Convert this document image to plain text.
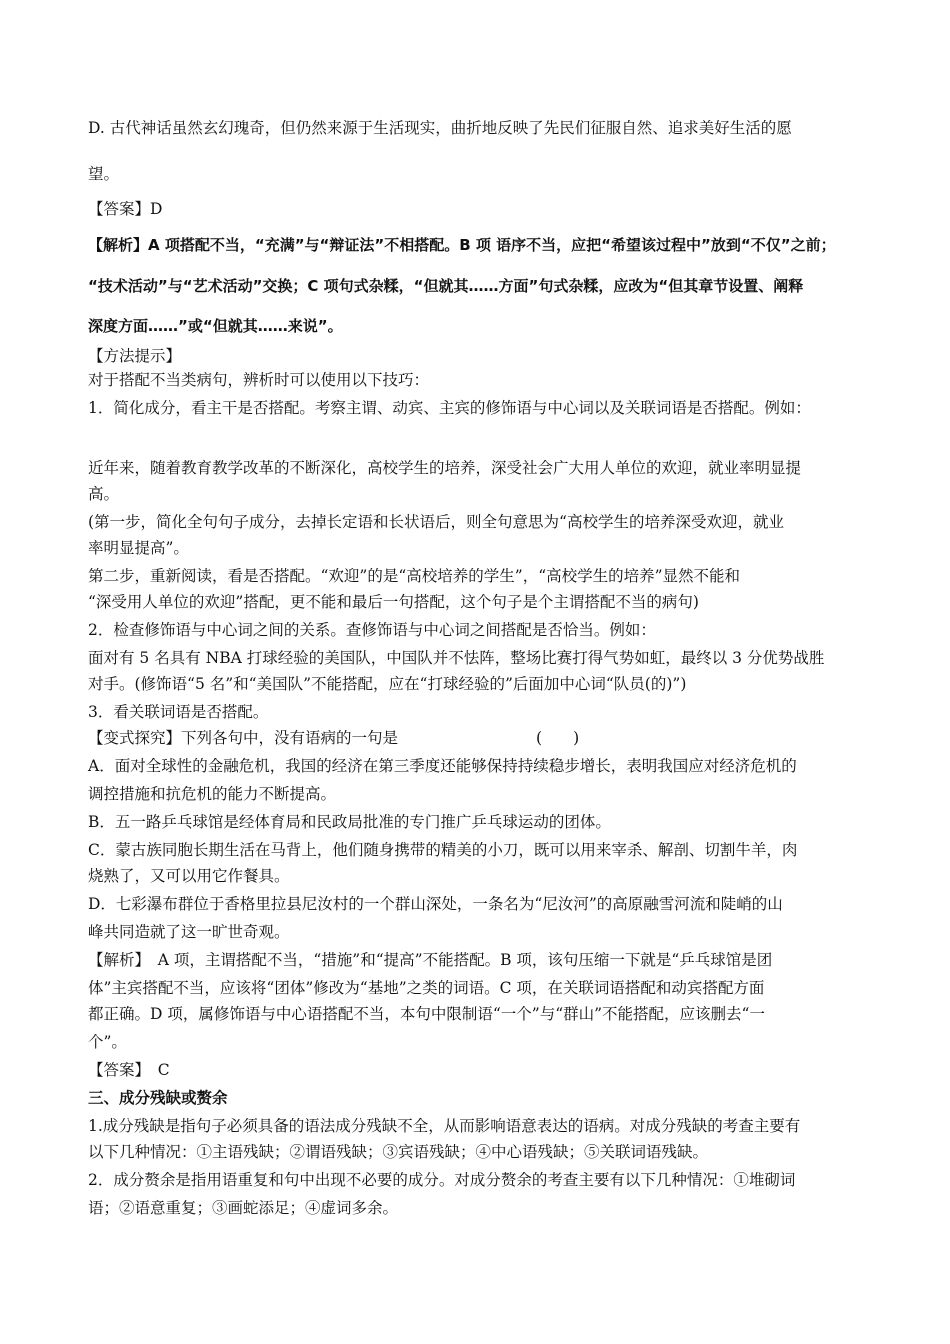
D. 古代神话虽然玄幻瑰奇，但仍然来源于生活现实，曲折地反映了先民们征服自然、追求美好生活的愿
望。
【答案】D
【解析】A 项搭配不当，“充满”与“辩证法”不相搭配。B 项 语序不当，应把“希望该过程中”放到“不仅”之前；
“技术活动”与“艺术活动”交换；C 项句式杂糅，“但就其……方面”句式杂糅，应改为“但其章节设置、阐释
深度方面……”或“但就其……来说”。
【方法提示】
对于搭配不当类病句，辨析时可以使用以下技巧：
1．简化成分，看主干是否搭配。考察主谓、动宾、主宾的修饰语与中心词以及关联词语是否搭配。例如：
近年来，随着教育教学改革的不断深化，高校学生的培养，深受社会广大用人单位的欢迎，就业率明显提
高。
(第一步，简化全句句子成分，去掉长定语和长状语后，则全句意思为“高校学生的培养深受欢迎，就业
率明显提高”。
第二步，重新阅读，看是否搭配。“欢迎”的是“高校培养的学生”，“高校学生的培养”显然不能和
“深受用人单位的欢迎”搭配，更不能和最后一句搭配，这个句子是个主谓搭配不当的病句)
2．检查修饰语与中心词之间的关系。查修饰语与中心词之间搭配是否恰当。例如：
面对有 5 名具有 NBA 打球经验的美国队，中国队并不怯阵，整场比赛打得气势如虹，最终以 3 分优势战胜
对手。(修饰语“5 名”和“美国队”不能搭配，应在“打球经验的”后面加中心词“队员(的)”)
3．看关联词语是否搭配。
【变式探究】下列各句中，没有语病的一句是	(　　)
A．面对全球性的金融危机，我国的经济在第三季度还能够保持持续稳步增长，表明我国应对经济危机的
调控措施和抗危机的能力不断提高。
B．五一路乒乓球馆是经体育局和民政局批准的专门推广乒乓球运动的团体。
C．蒙古族同胞长期生活在马背上，他们随身携带的精美的小刀，既可以用来宰杀、解剖、切割牛羊，肉
烧熟了，又可以用它作餐具。
D．七彩瀑布群位于香格里拉县尼汝村的一个群山深处，一条名为“尼汝河”的高原融雪河流和陡峭的山
峰共同造就了这一旷世奇观。
【解析】　A 项，主谓搭配不当，“措施”和“提高”不能搭配。B 项，该句压缩一下就是“乒乓球馆是团
体”主宾搭配不当，应该将“团体”修改为“基地”之类的词语。C 项，在关联词语搭配和动宾搭配方面
都正确。D 项，属修饰语与中心语搭配不当，本句中限制语“一个”与“群山”不能搭配，应该删去“一
个”。
【答案】　C
三、成分残缺或赘余
1.成分残缺是指句子必须具备的语法成分残缺不全，从而影响语意表达的语病。对成分残缺的考查主要有
以下几种情况：①主语残缺；②谓语残缺；③宾语残缺；④中心语残缺；⑤关联词语残缺。
2．成分赘余是指用语重复和句中出现不必要的成分。对成分赘余的考查主要有以下几种情况：①堆砌词
语；②语意重复；③画蛇添足；④虚词多余。
